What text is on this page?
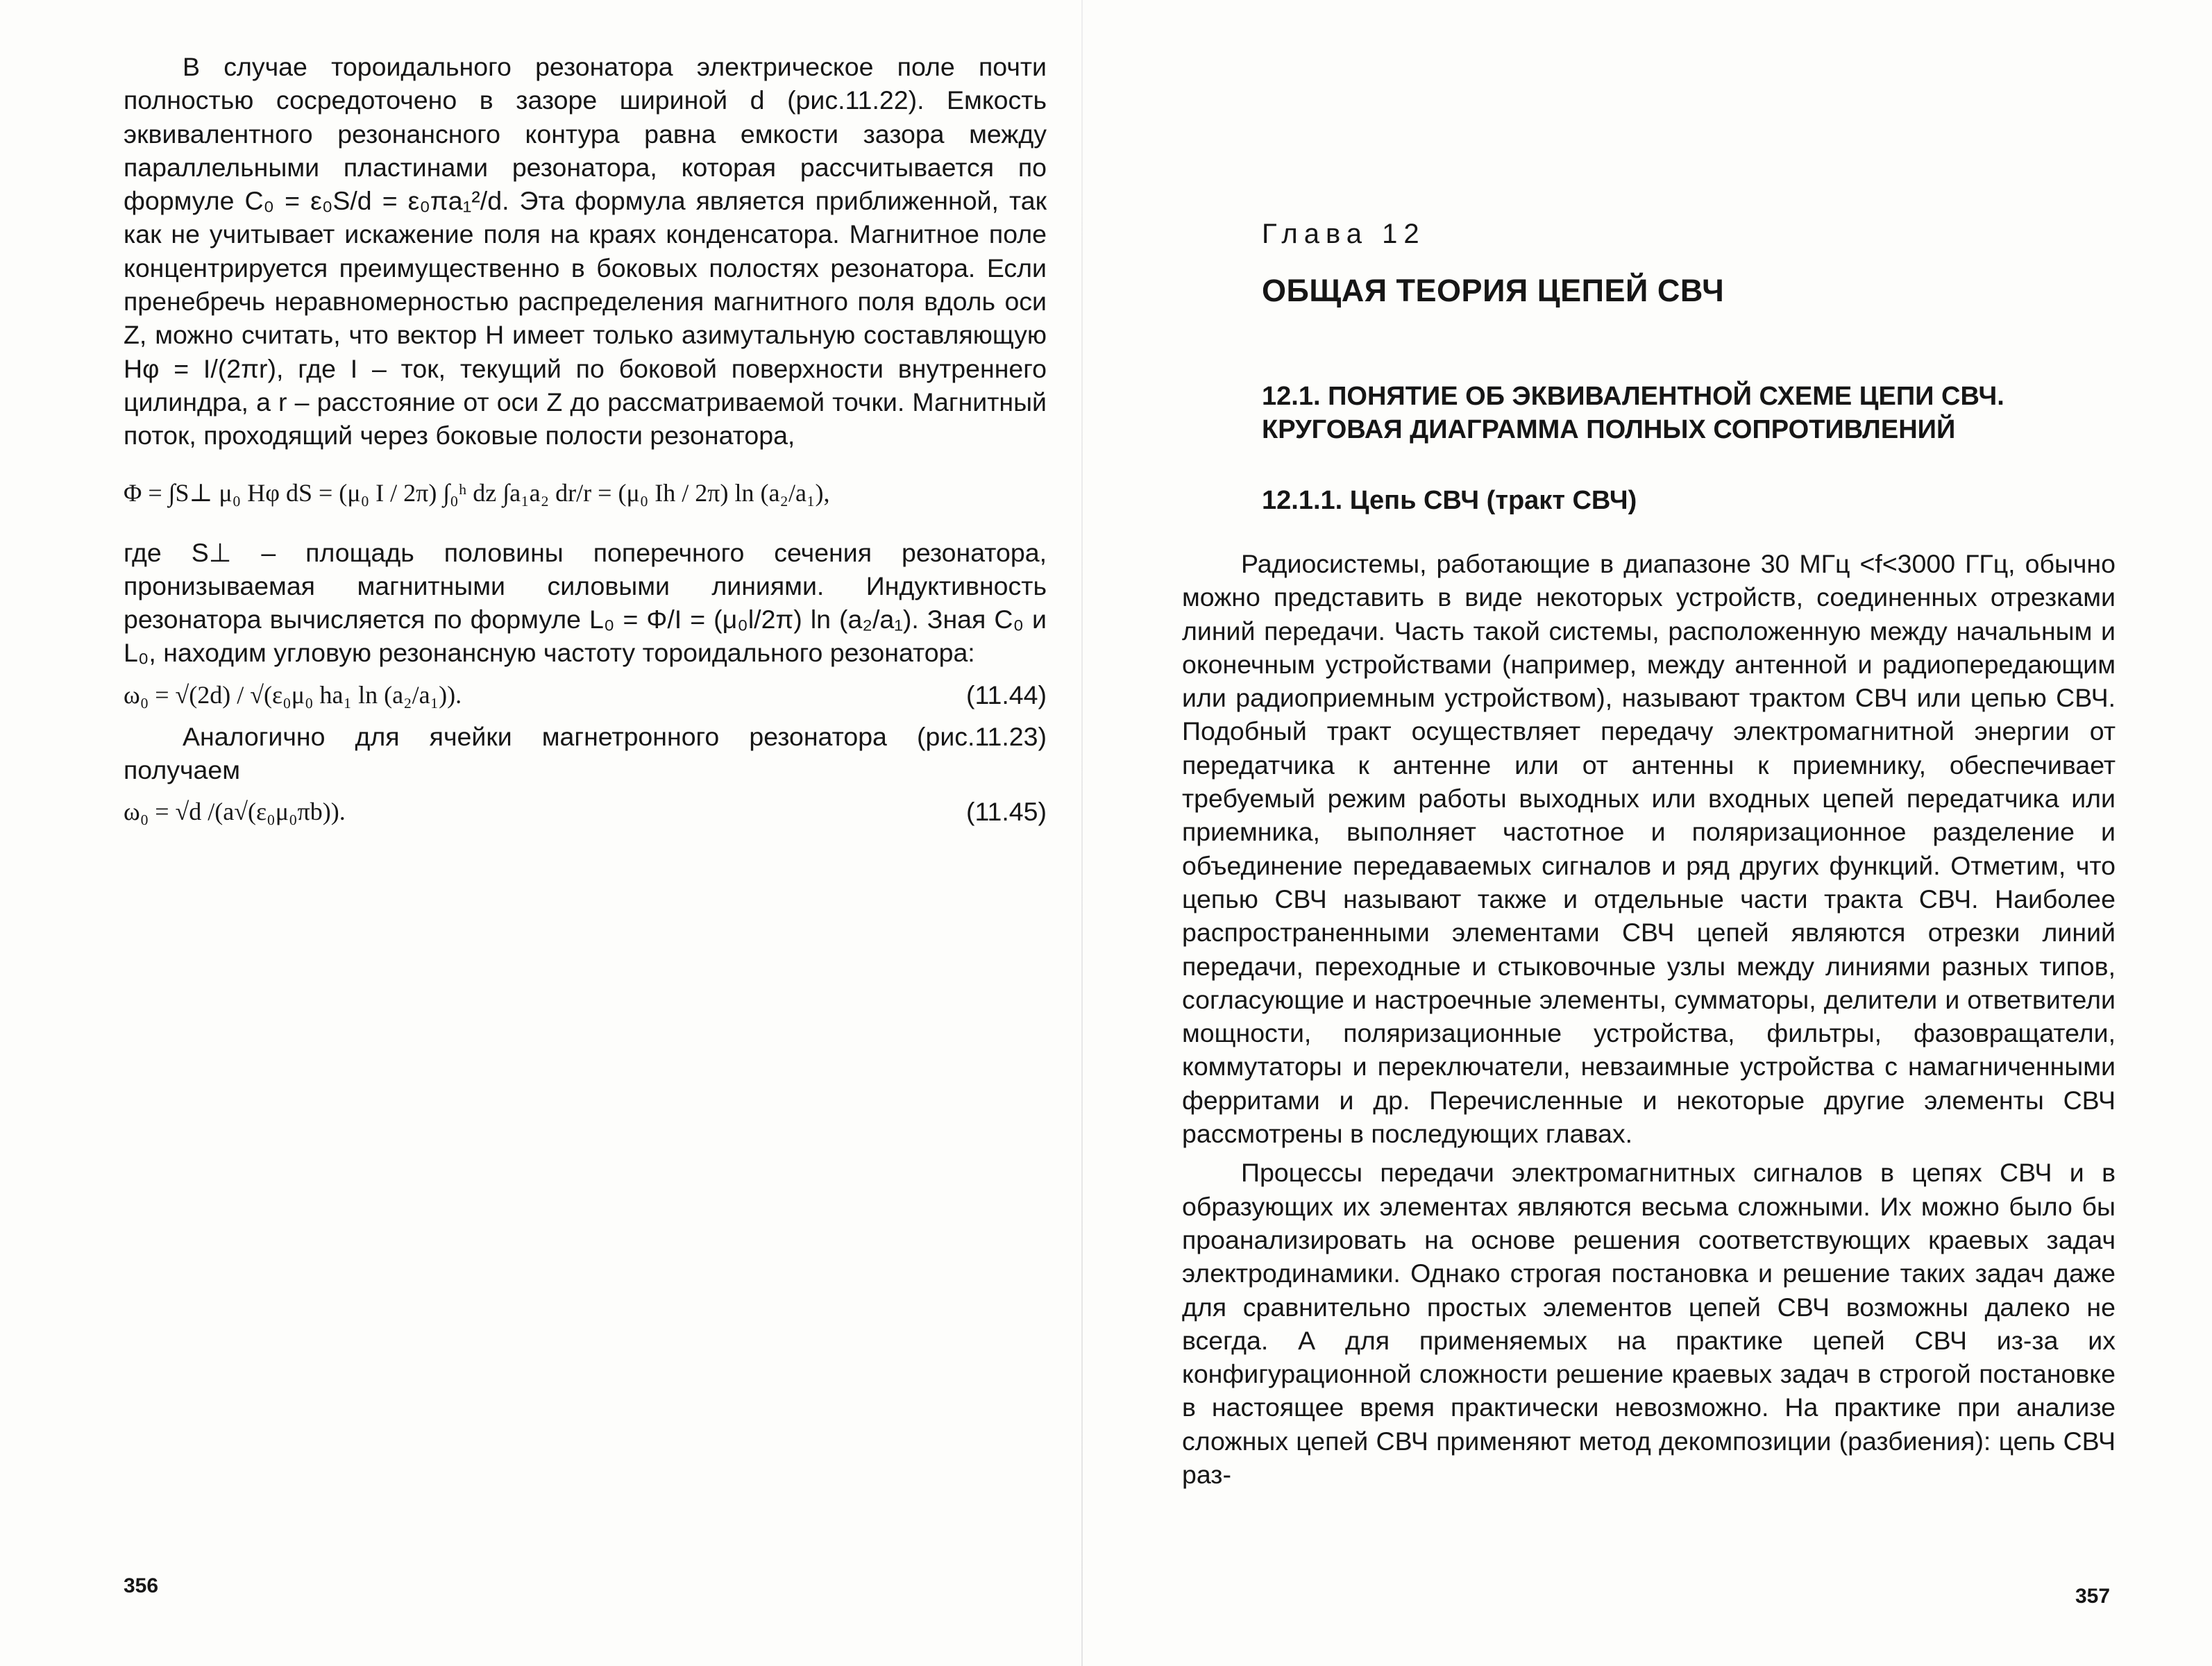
В случае тороидального резонатора электрическое поле почти полностью сосредоточено в зазоре шириной d (рис.11.22). Емкость эквивалентного резонансного контура равна емкости зазора между параллельными пластинами резонатора, которая рассчитывается по формуле C₀ = ε₀S/d = ε₀πa₁²/d. Эта формула является приближенной, так как не учитывает искажение поля на краях конденсатора. Магнитное поле концентрируется преимущественно в боковых полостях резонатора. Если пренебречь неравномерностью распределения магнитного поля вдоль оси Z, можно считать, что вектор H имеет только азимутальную составляющую Hφ = I/(2πr), где I – ток, текущий по боковой поверхности внутреннего цилиндра, а r – расстояние от оси Z до рассматриваемой точки. Магнитный поток, проходящий через боковые полости резонатора,

Φ = ∫S⊥ μ₀ Hφ dS = (μ₀ I / 2π) ∫₀ʰ dz ∫a₁a₂ dr/r = (μ₀ Ih / 2π) ln (a₂/a₁),

где S⊥ – площадь половины поперечного сечения резонатора, пронизываемая магнитными силовыми линиями. Индуктивность резонатора вычисляется по формуле L₀ = Φ/I = (μ₀l/2π) ln (a₂/a₁). Зная C₀ и L₀, находим угловую резонансную частоту тороидального резонатора:

ω₀ = √(2d) / √(ε₀μ₀ ha₁ ln (a₂/a₁)).	(11.44)

Аналогично для ячейки магнетронного резонатора (рис.11.23) получаем

ω₀ = √d /(a√(ε₀μ₀πb)).	(11.45)
356
Глава 12
ОБЩАЯ ТЕОРИЯ ЦЕПЕЙ СВЧ
12.1. ПОНЯТИЕ ОБ ЭКВИВАЛЕНТНОЙ СХЕМЕ ЦЕПИ СВЧ. КРУГОВАЯ ДИАГРАММА ПОЛНЫХ СОПРОТИВЛЕНИЙ
12.1.1. Цепь СВЧ (тракт СВЧ)

Радиосистемы, работающие в диапазоне 30 МГц <f<3000 ГГц, обычно можно представить в виде некоторых устройств, соединенных отрезками линий передачи. Часть такой системы, расположенную между начальным и оконечным устройствами (например, между антенной и радиопередающим или радиоприемным устройством), называют трактом СВЧ или цепью СВЧ. Подобный тракт осуществляет передачу электромагнитной энергии от передатчика к антенне или от антенны к приемнику, обеспечивает требуемый режим работы выходных или входных цепей передатчика или приемника, выполняет частотное и поляризационное разделение и объединение передаваемых сигналов и ряд других функций. Отметим, что цепью СВЧ называют также и отдельные части тракта СВЧ. Наиболее распространенными элементами СВЧ цепей являются отрезки линий передачи, переходные и стыковочные узлы между линиями разных типов, согласующие и настроечные элементы, сумматоры, делители и ответвители мощности, поляризационные устройства, фильтры, фазовращатели, коммутаторы и переключатели, невзаимные устройства с намагниченными ферритами и др. Перечисленные и некоторые другие элементы СВЧ рассмотрены в последующих главах.

Процессы передачи электромагнитных сигналов в цепях СВЧ и в образующих их элементах являются весьма сложными. Их можно было бы проанализировать на основе решения соответствующих краевых задач электродинамики. Однако строгая постановка и решение таких задач даже для сравнительно простых элементов цепей СВЧ возможны далеко не всегда. А для применяемых на практике цепей СВЧ из-за их конфигурационной сложности решение краевых задач в строгой постановке в настоящее время практически невозможно. На практике при анализе сложных цепей СВЧ применяют метод декомпозиции (разбиения): цепь СВЧ раз-

357
